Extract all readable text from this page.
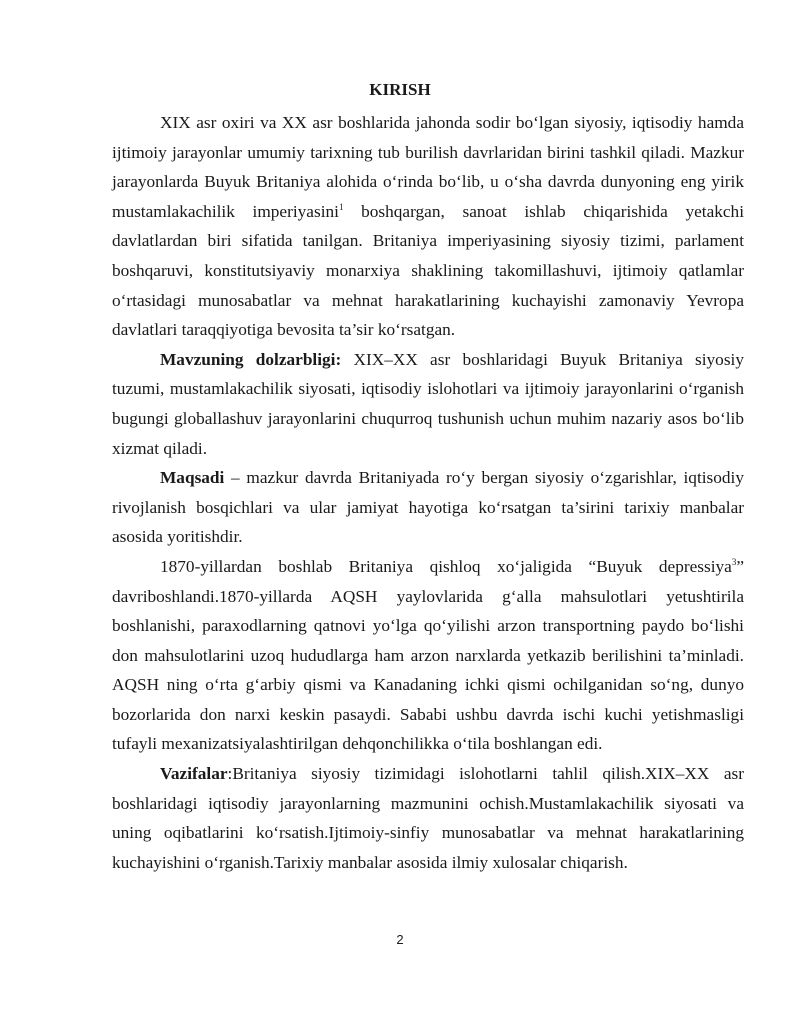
KIRISH

XIX asr oxiri va XX asr boshlarida jahonda sodir bo‘lgan siyosiy, iqtisodiy hamda ijtimoiy jarayonlar umumiy tarixning tub burilish davrlaridan birini tashkil qiladi. Mazkur jarayonlarda Buyuk Britaniya alohida o‘rinda bo‘lib, u o‘sha davrda dunyoning eng yirik mustamlakachilik imperiyasini$^1$ boshqargan, sanoat ishlab chiqarishida yetakchi davlatlardan biri sifatida tanilgan. Britaniya imperiyasining siyosiy tizimi, parlament boshqaruvi, konstitutsiyaviy monarxiya shaklining takomillashuvi, ijtimoiy qatlamlar o‘rtasidagi munosabatlar va mehnat harakatlarining kuchayishi zamonaviy Yevropa davlatlari taraqqiyotiga bevosita ta’sir ko‘rsatgan.

Mavzuning dolzarbligi: XIX–XX asr boshlaridagi Buyuk Britaniya siyosiy tuzumi, mustamlakachilik siyosati, iqtisodiy islohotlari va ijtimoiy jarayonlarini o‘rganish bugungi globallashuv jarayonlarini chuqurroq tushunish uchun muhim nazariy asos bo‘lib xizmat qiladi.

Maqsadi – mazkur davrda Britaniyada ro‘y bergan siyosiy o‘zgarishlar, iqtisodiy rivojlanish bosqichlari va ular jamiyat hayotiga ko‘rsatgan ta’sirini tarixiy manbalar asosida yoritishdir.

1870-yillardan boshlab Britaniya qishloq xo‘jaligida “Buyuk depressiya$^3$” davriboshlandi.1870-yillarda AQSH yaylovlarida g‘alla mahsulotlari yetushtirila boshlanishi, paraxodlarning qatnovi yo‘lga qo‘yilishi arzon transportning paydo bo‘lishi don mahsulotlarini uzoq hududlarga ham arzon narxlarda yetkazib berilishini ta’minladi. AQSH ning o‘rta g‘arbiy qismi va Kanadaning ichki qismi ochilganidan so‘ng, dunyo bozorlarida don narxi keskin pasaydi. Sababi ushbu davrda ischi kuchi yetishmasligi tufayli mexanizatsiyalashtirilgan dehqonchilikka o‘tila boshlangan edi.

Vazifalar:Britaniya siyosiy tizimidagi islohotlarni tahlil qilish.XIX–XX asr boshlaridagi iqtisodiy jarayonlarning mazmunini ochish.Mustamlakachilik siyosati va uning oqibatlarini ko‘rsatish.Ijtimoiy-sinfiy munosabatlar va mehnat harakatlarining kuchayishini o‘rganish.Tarixiy manbalar asosida ilmiy xulosalar chiqarish.

2
